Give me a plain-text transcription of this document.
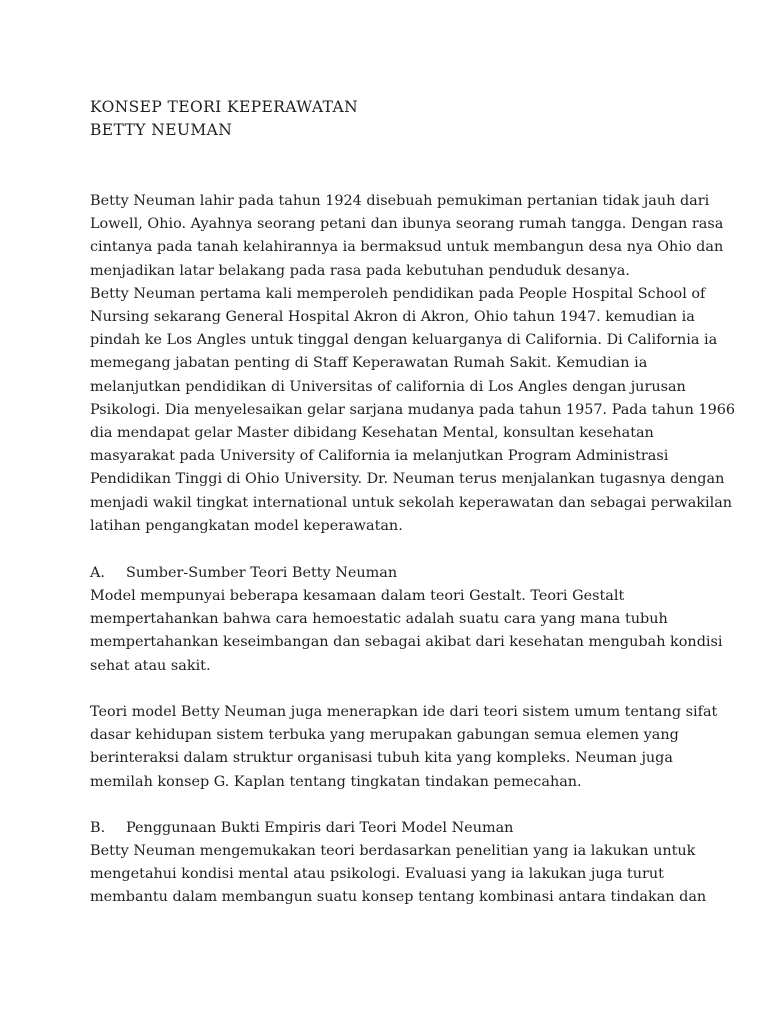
KONSEP TEORI KEPERAWATAN
BETTY NEUMAN
Betty Neuman lahir pada tahun 1924 disebuah pemukiman pertanian tidak jauh dari
Lowell, Ohio. Ayahnya seorang petani dan ibunya seorang rumah tangga. Dengan rasa
cintanya pada tanah kelahirannya ia bermaksud untuk membangun desa nya Ohio dan
menjadikan latar belakang pada rasa pada kebutuhan penduduk desanya.
Betty Neuman pertama kali memperoleh pendidikan pada People Hospital School of
Nursing sekarang General Hospital Akron di Akron, Ohio tahun 1947. kemudian ia
pindah ke Los Angles untuk tinggal dengan keluarganya di California. Di California ia
memegang jabatan penting di Staff Keperawatan Rumah Sakit. Kemudian ia
melanjutkan pendidikan di Universitas of california di Los Angles dengan jurusan
Psikologi. Dia menyelesaikan gelar sarjana mudanya pada tahun 1957. Pada tahun 1966
dia mendapat gelar Master dibidang Kesehatan Mental, konsultan kesehatan
masyarakat pada University of California ia melanjutkan Program Administrasi
Pendidikan Tinggi di Ohio University. Dr. Neuman terus menjalankan tugasnya dengan
menjadi wakil tingkat international untuk sekolah keperawatan dan sebagai perwakilan
latihan pengangkatan model keperawatan.

A. Sumber-Sumber Teori Betty Neuman

Model mempunyai beberapa kesamaan dalam teori Gestalt. Teori Gestalt
mempertahankan bahwa cara hemoestatic adalah suatu cara yang mana tubuh
mempertahankan keseimbangan dan sebagai akibat dari kesehatan mengubah kondisi
sehat atau sakit.
Teori model Betty Neuman juga menerapkan ide dari teori sistem umum tentang sifat
dasar kehidupan sistem terbuka yang merupakan gabungan semua elemen yang
berinteraksi dalam struktur organisasi tubuh kita yang kompleks. Neuman juga
memilah konsep G. Kaplan tentang tingkatan tindakan pemecahan.

B. Penggunaan Bukti Empiris dari Teori Model Neuman

Betty Neuman mengemukakan teori berdasarkan penelitian yang ia lakukan untuk
mengetahui kondisi mental atau psikologi. Evaluasi yang ia lakukan juga turut
membantu dalam membangun suatu konsep tentang kombinasi antara tindakan dan
